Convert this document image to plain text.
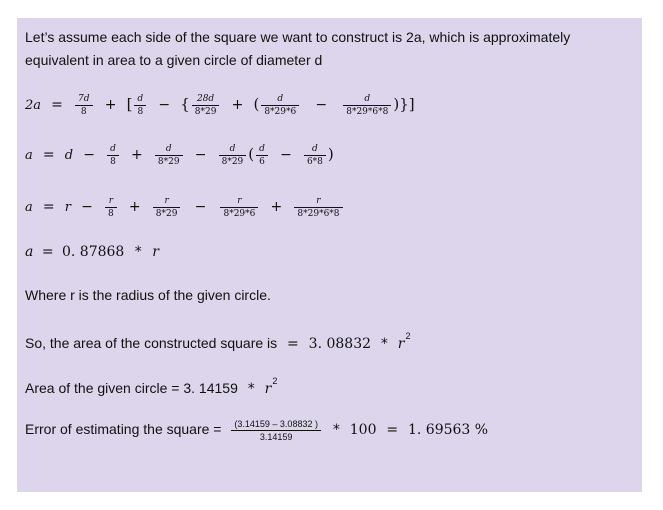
Let’s assume each side of the square we want to construct is 2a, which is approximately
equivalent in area to a given circle of diameter d
$2a = \frac{7d}{8}$ + [ $\frac{d}{8}$ − { $\frac{28d}{8*29}$ + ( $\frac{d}{8*29*6} - \frac{d}{8*29*6*8}$ )}]
$a = d - \frac{d}{8} + \frac{d}{8*29} - \frac{d}{8*29}$ ( $\frac{d}{6} - \frac{d}{6*8}$ )
$a = r - \frac{r}{8} + \frac{r}{8*29} - \frac{r}{8*29*6} + \frac{r}{8*29*6*8}$
a = 0. 87868 * r
Where r is the radius of the given circle.
So, the area of the constructed square is = 3. $08832 * r^2$
Area of the given circle = 3. $14159 * r^2$
Error of estimating the square = $\frac{(3.14159 - 3.08832 )}{3.14159} * 100 = 1$. 69563 %
